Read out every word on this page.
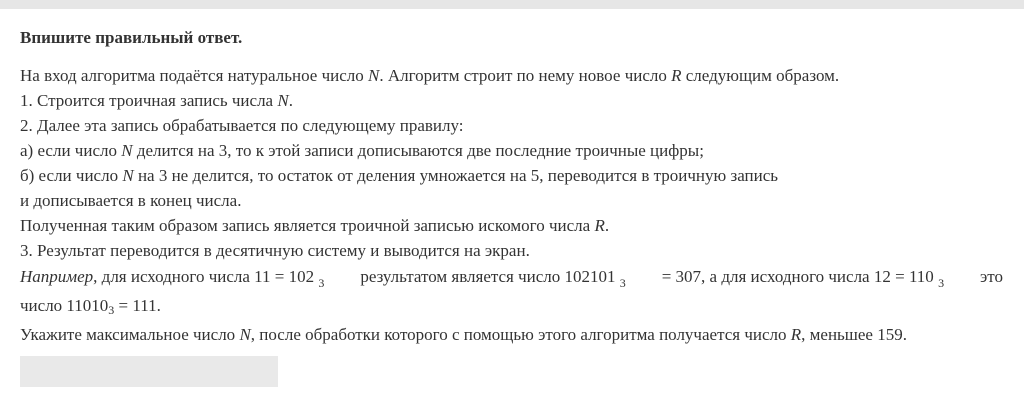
Впишите правильный ответ.
На вход алгоритма подаётся натуральное число N. Алгоритм строит по нему новое число R следующим образом.
1. Строится троичная запись числа N.
2. Далее эта запись обрабатывается по следующему правилу:
а) если число N делится на 3, то к этой записи дописываются две последние троичные цифры;
б) если число N на 3 не делится, то остаток от деления умножается на 5, переводится в троичную запись
и дописывается в конец числа.
Полученная таким образом запись является троичной записью искомого числа R.
3. Результат переводится в десятичную систему и выводится на экран.
Например, для исходного числа 11 = 102 $_3$ результатом является число 102101 $_3$ = 307, а для исходного числа 12 = 110 $_3$ это
число 110103 = 111.
Укажите максимальное число N, после обработки которого с помощью этого алгоритма получается число R, меньшее 159.
